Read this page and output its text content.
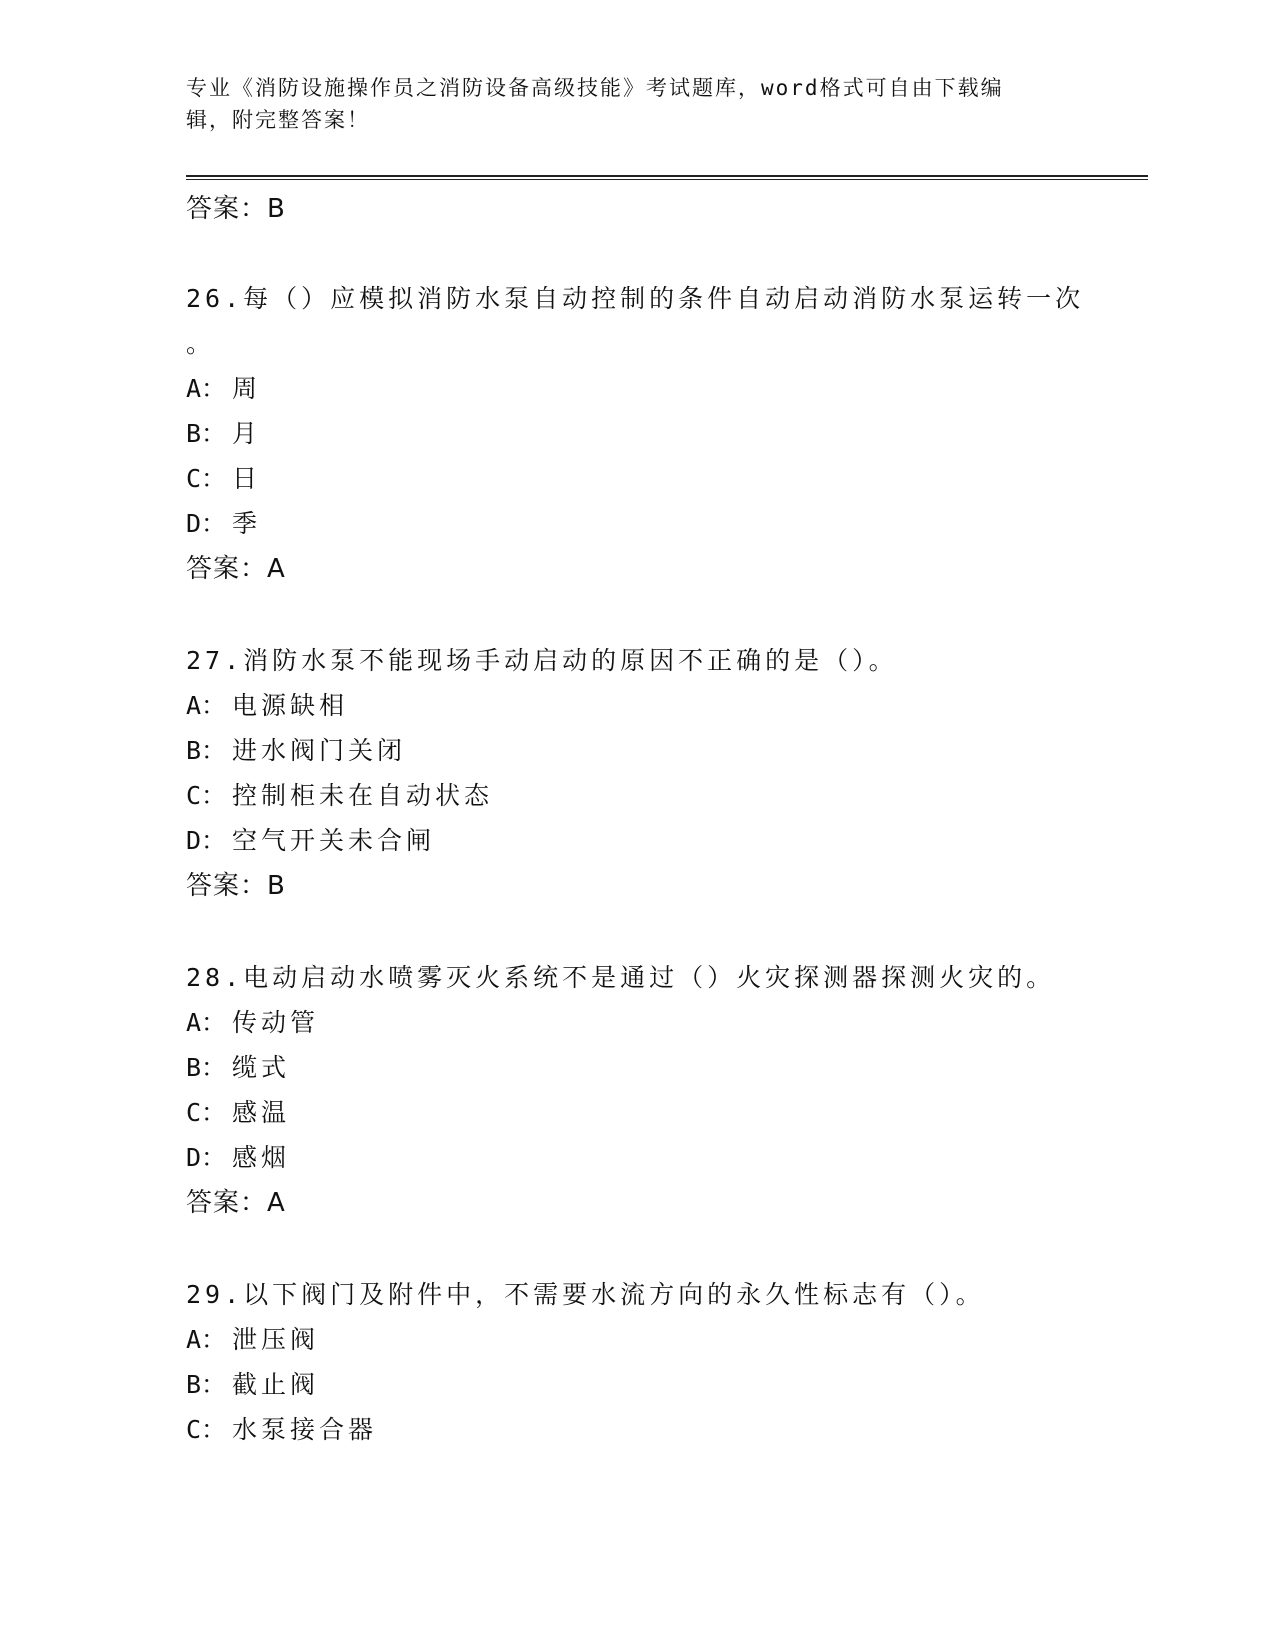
专业《消防设施操作员之消防设备高级技能》考试题库，word格式可自由下载编
辑，附完整答案！
答案：B
26.每（）应模拟消防水泵自动控制的条件自动启动消防水泵运转一次
。
A： 周
B： 月
C： 日
D： 季
答案：A
27.消防水泵不能现场手动启动的原因不正确的是（）。
A： 电源缺相
B： 进水阀门关闭
C： 控制柜未在自动状态
D： 空气开关未合闸
答案：B
28.电动启动水喷雾灭火系统不是通过（）火灾探测器探测火灾的。
A： 传动管
B： 缆式
C： 感温
D： 感烟
答案：A
29.以下阀门及附件中，不需要水流方向的永久性标志有（）。
A： 泄压阀
B： 截止阀
C： 水泵接合器
